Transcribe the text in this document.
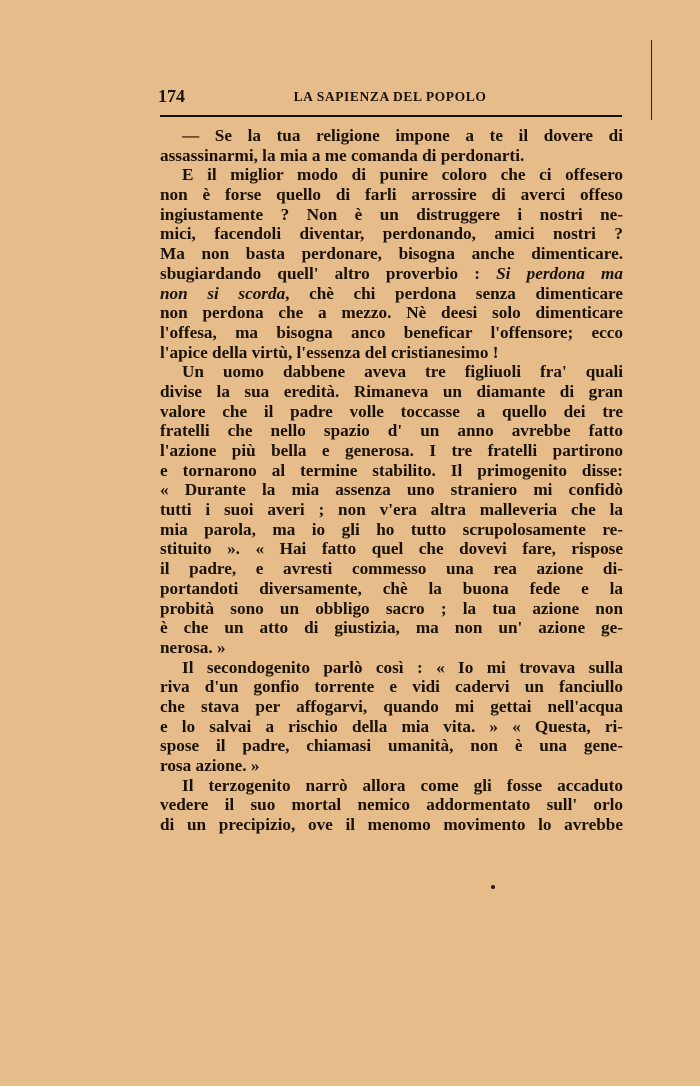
174	LA SAPIENZA DEL POPOLO
— Se la tua religione impone a te il dovere di
assassinarmi, la mia a me comanda di perdonarti.
E il miglior modo di punire coloro che ci offesero
non è forse quello di farli arrossire di averci offeso
ingiustamente ? Non è un distruggere i nostri ne-
mici, facendoli diventar, perdonando, amici nostri ?
Ma non basta perdonare, bisogna anche dimenticare.
sbugiardando quell' altro proverbio : Si perdona ma
non si scorda, chè chi perdona senza dimenticare
non perdona che a mezzo. Nè deesi solo dimenticare
l'offesa, ma bisogna anco beneficar l'offensore; ecco
l'apice della virtù, l'essenza del cristianesimo !
Un uomo dabbene aveva tre figliuoli fra' quali
divise la sua eredità. Rimaneva un diamante di gran
valore che il padre volle toccasse a quello dei tre
fratelli che nello spazio d' un anno avrebbe fatto
l'azione più bella e generosa. I tre fratelli partirono
e tornarono al termine stabilito. Il primogenito disse:
« Durante la mia assenza uno straniero mi confidò
tutti i suoi averi ; non v'era altra malleveria che la
mia parola, ma io gli ho tutto scrupolosamente re-
stituito ». « Hai fatto quel che dovevi fare, rispose
il padre, e avresti commesso una rea azione di-
portandoti diversamente, chè la buona fede e la
probità sono un obbligo sacro ; la tua azione non
è che un atto di giustizia, ma non un' azione ge-
nerosa. »
Il secondogenito parlò così : « Io mi trovava sulla
riva d'un gonfio torrente e vidi cadervi un fanciullo
che stava per affogarvi, quando mi gettai nell'acqua
e lo salvai a rischio della mia vita. » « Questa, ri-
spose il padre, chiamasi umanità, non è una gene-
rosa azione. »
Il terzogenito narrò allora come gli fosse accaduto
vedere il suo mortal nemico addormentato sull' orlo
di un precipizio, ove il menomo movimento lo avrebbe
